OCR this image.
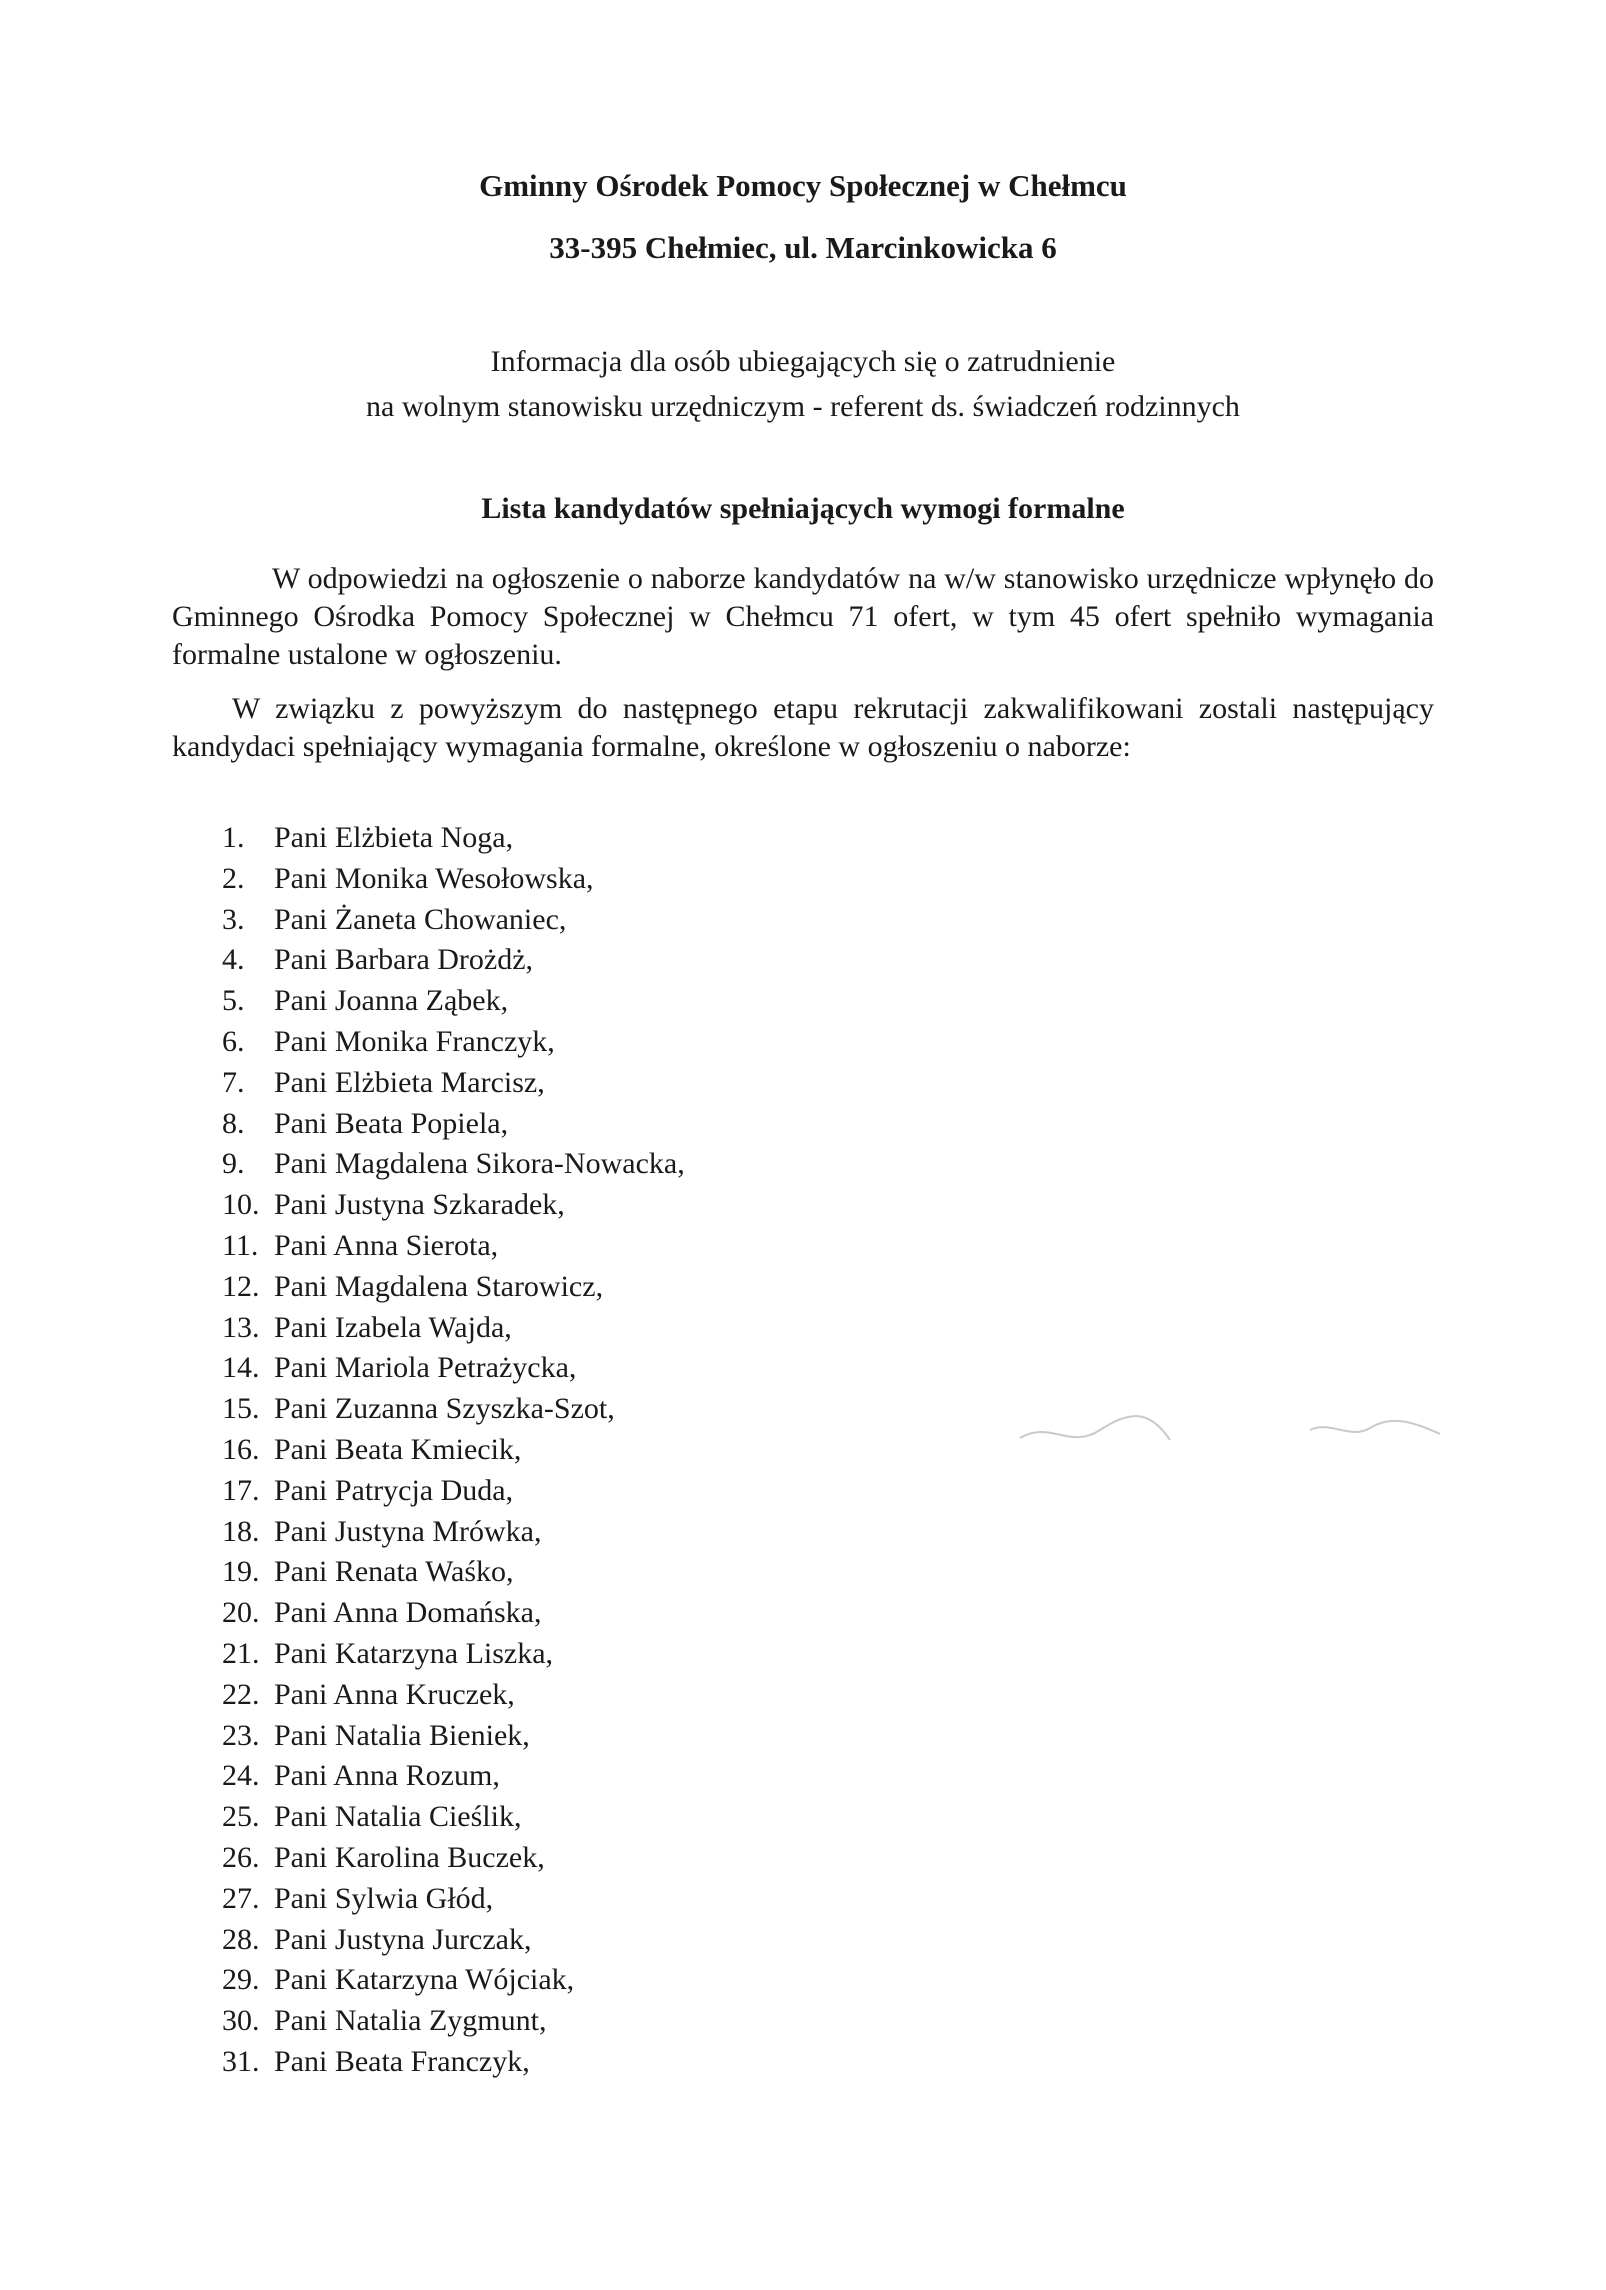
Gminny Ośrodek Pomocy Społecznej w Chełmcu
33-395 Chełmiec, ul. Marcinkowicka 6
Informacja dla osób ubiegających się o zatrudnienie
na wolnym stanowisku urzędniczym - referent ds. świadczeń rodzinnych
Lista kandydatów spełniających wymogi formalne

W odpowiedzi na ogłoszenie o naborze kandydatów na w/w stanowisko urzędnicze wpłynęło do Gminnego Ośrodka Pomocy Społecznej w Chełmcu 71 ofert, w tym 45 ofert spełniło wymagania formalne ustalone w ogłoszeniu.

W związku z powyższym do następnego etapu rekrutacji zakwalifikowani zostali następujący kandydaci spełniający wymagania formalne, określone w ogłoszeniu o naborze:

1. Pani Elżbieta Noga,
2. Pani Monika Wesołowska,
3. Pani Żaneta Chowaniec,
4. Pani Barbara Drożdż,
5. Pani Joanna Ząbek,
6. Pani Monika Franczyk,
7. Pani Elżbieta Marcisz,
8. Pani Beata Popiela,
9. Pani Magdalena Sikora-Nowacka,
10. Pani Justyna Szkaradek,
11. Pani Anna Sierota,
12. Pani Magdalena Starowicz,
13. Pani Izabela Wajda,
14. Pani Mariola Petrażycka,
15. Pani Zuzanna Szyszka-Szot,
16. Pani Beata Kmiecik,
17. Pani Patrycja Duda,
18. Pani Justyna Mrówka,
19. Pani Renata Waśko,
20. Pani Anna Domańska,
21. Pani Katarzyna Liszka,
22. Pani Anna Kruczek,
23. Pani Natalia Bieniek,
24. Pani Anna Rozum,
25. Pani Natalia Cieślik,
26. Pani Karolina Buczek,
27. Pani Sylwia Głód,
28. Pani Justyna Jurczak,
29. Pani Katarzyna Wójciak,
30. Pani Natalia Zygmunt,
31. Pani Beata Franczyk,
